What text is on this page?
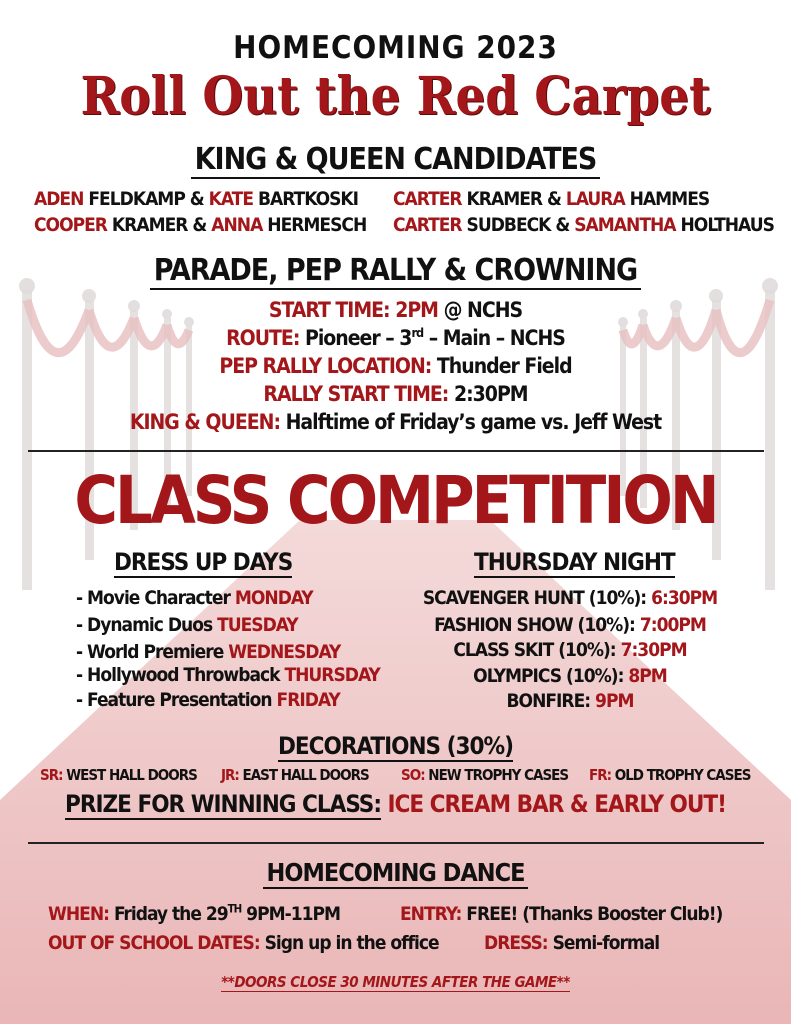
HOMECOMING 2023
Roll Out the Red Carpet
KING & QUEEN CANDIDATES
ADEN FELDKAMP & KATE BARTKOSKI CARTER KRAMER & LAURA HAMMES
COOPER KRAMER & ANNA HERMESCH CARTER SUDBECK & SAMANTHA HOLTHAUS
PARADE, PEP RALLY & CROWNING
START TIME: 2PM @ NCHS
ROUTE: Pioneer – 3rd – Main – NCHS
PEP RALLY LOCATION: Thunder Field
RALLY START TIME: 2:30PM
KING & QUEEN: Halftime of Friday’s game vs. Jeff West
CLASS COMPETITION
DRESS UP DAYS	THURSDAY NIGHT
- Movie Character MONDAY
- Dynamic Duos TUESDAY
- World Premiere WEDNESDAY
- Hollywood Throwback THURSDAY
- Feature Presentation FRIDAY
SCAVENGER HUNT (10%): 6:30PM
FASHION SHOW (10%): 7:00PM
CLASS SKIT (10%): 7:30PM
OLYMPICS (10%): 8PM
BONFIRE: 9PM
DECORATIONS (30%)
SR: WEST HALL DOORS JR: EAST HALL DOORS SO: NEW TROPHY CASES FR: OLD TROPHY CASES
PRIZE FOR WINNING CLASS: ICE CREAM BAR & EARLY OUT!
HOMECOMING DANCE
WHEN: Friday the 29TH 9PM-11PM	ENTRY: FREE! (Thanks Booster Club!)
OUT OF SCHOOL DATES: Sign up in the office DRESS: Semi-formal
**DOORS CLOSE 30 MINUTES AFTER THE GAME**
